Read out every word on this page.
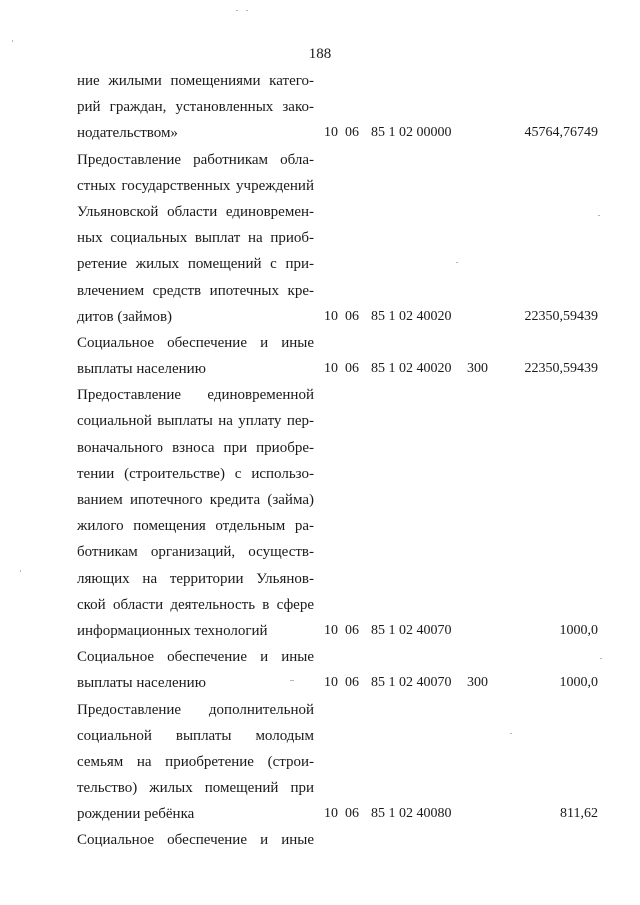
188
ние жилыми помещениями катего-
рий граждан, установленных зако-
нодательством»	10 06 85 1 02 00000	45764,76749
Предоставление работникам обла-
стных государственных учреждений
Ульяновской области единовремен-
ных социальных выплат на приоб-
ретение жилых помещений с при-
влечением средств ипотечных кре-
дитов (займов)	10 06 85 1 02 40020	22350,59439
Социальное обеспечение и иные
выплаты населению	10 06 85 1 02 40020 300	22350,59439
Предоставление единовременной
социальной выплаты на уплату пер-
воначального взноса при приобре-
тении (строительстве) с использо-
ванием ипотечного кредита (займа)
жилого помещения отдельным ра-
ботникам организаций, осуществ-
ляющих на территории Ульянов-
ской области деятельность в сфере
информационных технологий	10 06 85 1 02 40070	1000,0
Социальное обеспечение и иные
выплаты населению	10 06 85 1 02 40070 300	1000,0
Предоставление дополнительной
социальной выплаты молодым
семьям на приобретение (строи-
тельство) жилых помещений при
рождении ребёнка	10 06 85 1 02 40080	811,62
Социальное обеспечение и иные
